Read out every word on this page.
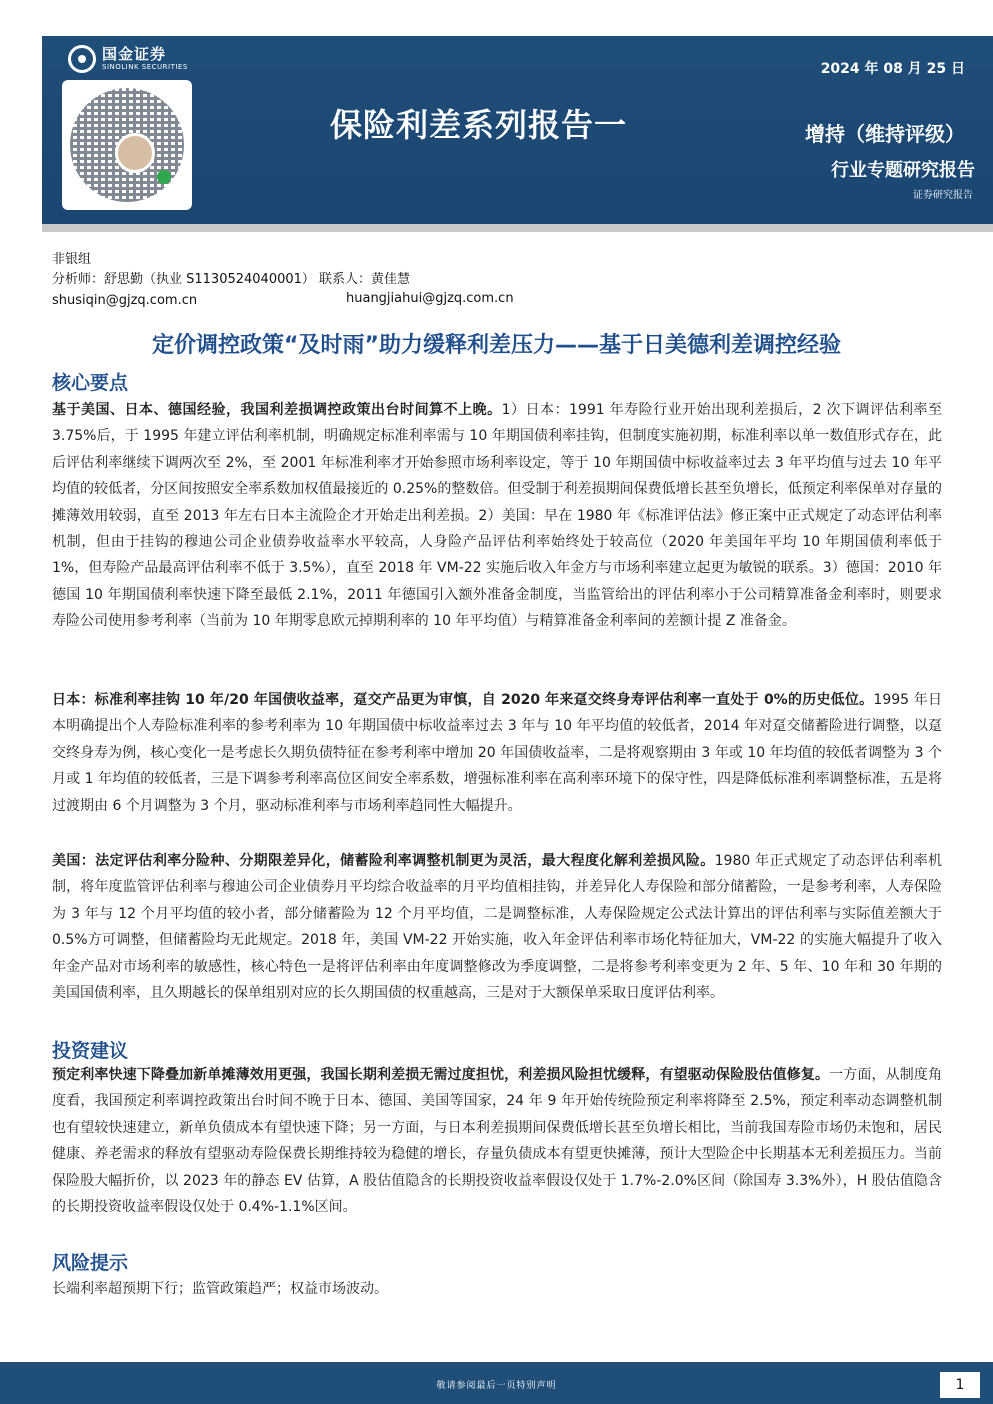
国金证券
SINOLINK SECURITIES
保险利差系列报告一
2024 年 08 月 25 日
增持（维持评级）
行业专题研究报告
证券研究报告
非银组
分析师：舒思勤（执业 S1130524040001） 联系人：黄佳慧
shusiqin@gjzq.com.cn	huangjiahui@gjzq.com.cn
定价调控政策“及时雨”助力缓释利差压力——基于日美德利差调控经验
核心要点
基于美国、日本、德国经验，我国利差损调控政策出台时间算不上晚。1）日本：1991 年寿险行业开始出现利差损后，2 次下调评估利率至 3.75%后，于 1995 年建立评估利率机制，明确规定标准利率需与 10 年期国债利率挂钩，但制度实施初期，标准利率以单一数值形式存在，此后评估利率继续下调两次至 2%，至 2001 年标准利率才开始参照市场利率设定，等于 10 年期国债中标收益率过去 3 年平均值与过去 10 年平均值的较低者，分区间按照安全率系数加权值最接近的 0.25%的整数倍。但受制于利差损期间保费低增长甚至负增长，低预定利率保单对存量的摊薄效用较弱，直至 2013 年左右日本主流险企才开始走出利差损。2）美国：早在 1980 年《标准评估法》修正案中正式规定了动态评估利率机制，但由于挂钩的穆迪公司企业债券收益率水平较高，人身险产品评估利率始终处于较高位（2020 年美国年平均 10 年期国债利率低于 1%，但寿险产品最高评估利率不低于 3.5%），直至 2018 年 VM-22 实施后收入年金方与市场利率建立起更为敏锐的联系。3）德国：2010 年德国 10 年期国债利率快速下降至最低 2.1%，2011 年德国引入额外准备金制度，当监管给出的评估利率小于公司精算准备金利率时，则要求寿险公司使用参考利率（当前为 10 年期零息欧元掉期利率的 10 年平均值）与精算准备金利率间的差额计提 Z 准备金。
日本：标准利率挂钩 10 年/20 年国债收益率，趸交产品更为审慎，自 2020 年来趸交终身寿评估利率一直处于 0%的历史低位。1995 年日本明确提出个人寿险标准利率的参考利率为 10 年期国债中标收益率过去 3 年与 10 年平均值的较低者，2014 年对趸交储蓄险进行调整，以趸交终身寿为例，核心变化一是考虑长久期负债特征在参考利率中增加 20 年国债收益率，二是将观察期由 3 年或 10 年均值的较低者调整为 3 个月或 1 年均值的较低者，三是下调参考利率高位区间安全率系数，增强标准利率在高利率环境下的保守性，四是降低标准利率调整标准，五是将过渡期由 6 个月调整为 3 个月，驱动标准利率与市场利率趋同性大幅提升。
美国：法定评估利率分险种、分期限差异化，储蓄险利率调整机制更为灵活，最大程度化解利差损风险。1980 年正式规定了动态评估利率机制，将年度监管评估利率与穆迪公司企业债券月平均综合收益率的月平均值相挂钩，并差异化人寿保险和部分储蓄险，一是参考利率，人寿保险为 3 年与 12 个月平均值的较小者，部分储蓄险为 12 个月平均值，二是调整标准，人寿保险规定公式法计算出的评估利率与实际值差额大于 0.5%方可调整，但储蓄险均无此规定。2018 年，美国 VM-22 开始实施，收入年金评估利率市场化特征加大，VM-22 的实施大幅提升了收入年金产品对市场利率的敏感性，核心特色一是将评估利率由年度调整修改为季度调整，二是将参考利率变更为 2 年、5 年、10 年和 30 年期的美国国债利率，且久期越长的保单组别对应的长久期国债的权重越高，三是对于大额保单采取日度评估利率。
投资建议
预定利率快速下降叠加新单摊薄效用更强，我国长期利差损无需过度担忧，利差损风险担忧缓释，有望驱动保险股估值修复。一方面，从制度角度看，我国预定利率调控政策出台时间不晚于日本、德国、美国等国家，24 年 9 年开始传统险预定利率将降至 2.5%，预定利率动态调整机制也有望较快速建立，新单负债成本有望快速下降；另一方面，与日本利差损期间保费低增长甚至负增长相比，当前我国寿险市场仍未饱和，居民健康、养老需求的释放有望驱动寿险保费长期维持较为稳健的增长，存量负债成本有望更快摊薄，预计大型险企中长期基本无利差损压力。当前保险股大幅折价，以 2023 年的静态 EV 估算，A 股估值隐含的长期投资收益率假设仅处于 1.7%-2.0%区间（除国寿 3.3%外），H 股估值隐含的长期投资收益率假设仅处于 0.4%-1.1%区间。
风险提示
长端利率超预期下行；监管政策趋严；权益市场波动。
敬请参阅最后一页特别声明	1
